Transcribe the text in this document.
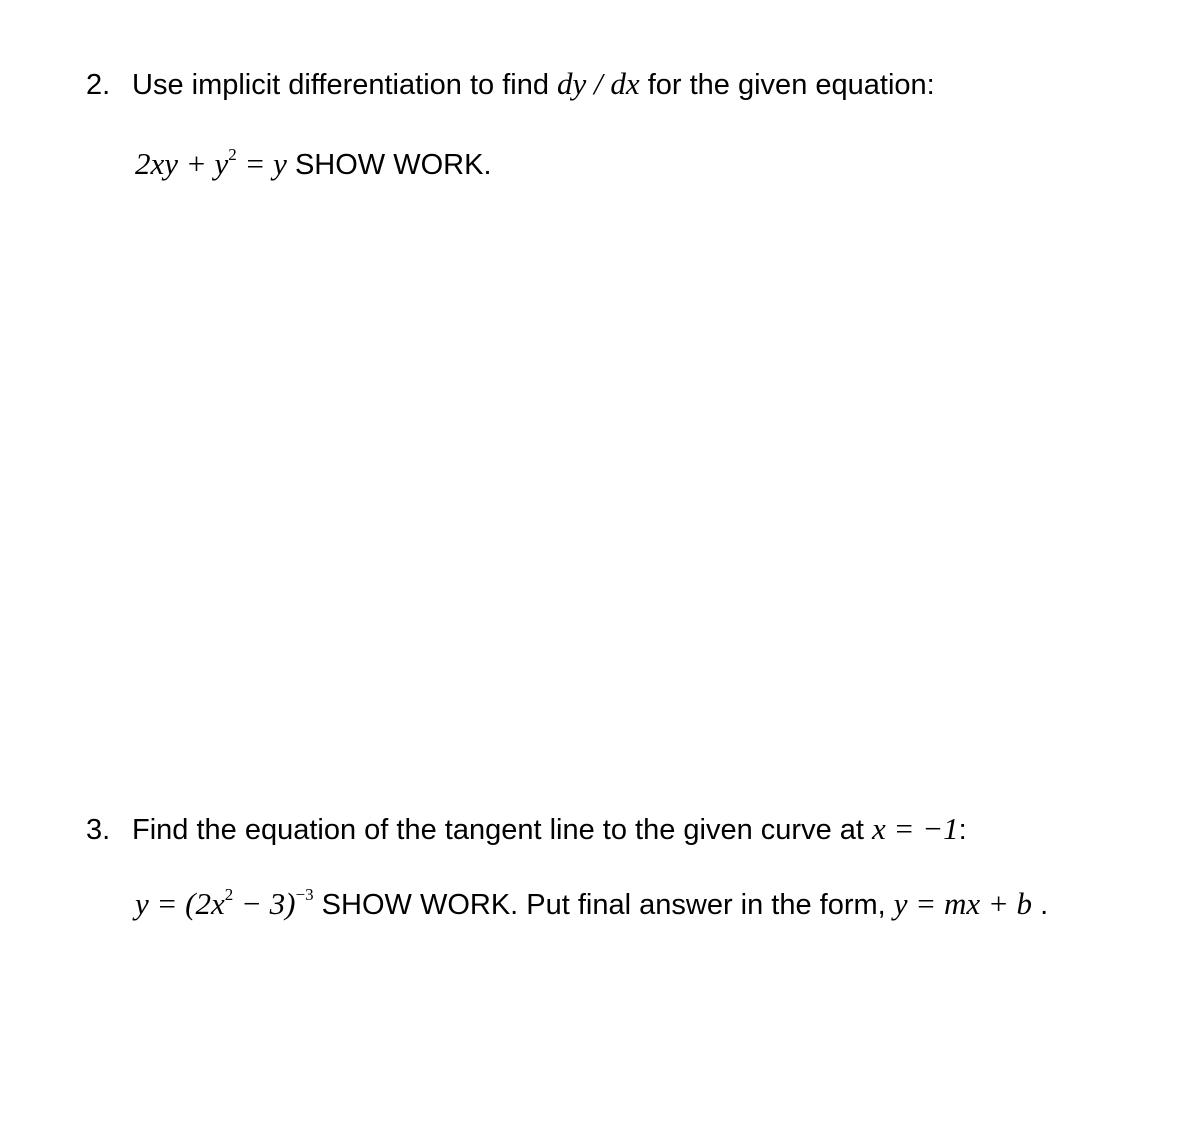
2. Use implicit differentiation to find dy / dx for the given equation:
$2xy + y^2 = y$ SHOW WORK.
3. Find the equation of the tangent line to the given curve at x = −1:
$y = (2x^2 - 3)^{-3}$ SHOW WORK. Put final answer in the form, y = mx + b .
